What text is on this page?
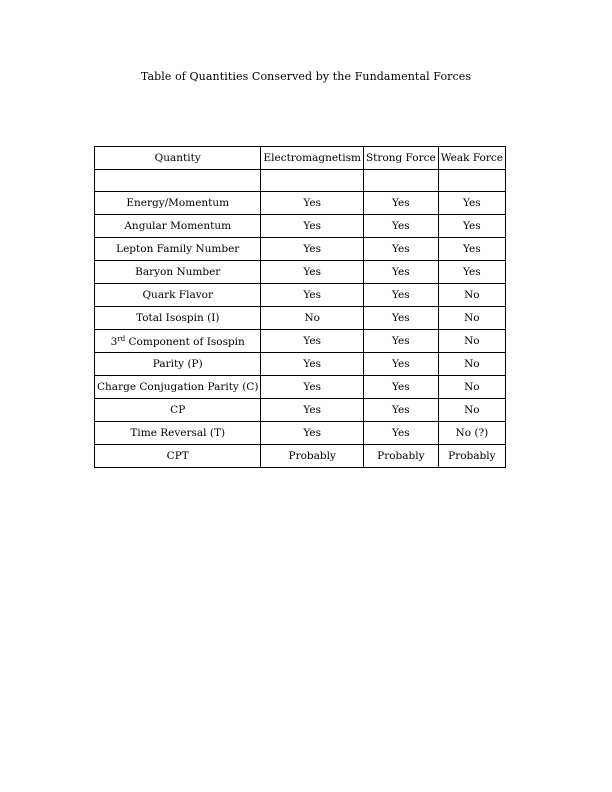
Table of Quantities Conserved by the Fundamental Forces
Quantity	Electromagnetism	Strong Force	Weak Force

Energy/Momentum	Yes	Yes	Yes
Angular Momentum	Yes	Yes	Yes
Lepton Family Number	Yes	Yes	Yes
Baryon Number	Yes	Yes	Yes
Quark Flavor	Yes	Yes	No
Total Isospin (I)	No	Yes	No
3rd Component of Isospin	Yes	Yes	No
Parity (P)	Yes	Yes	No
Charge Conjugation Parity (C)	Yes	Yes	No
CP	Yes	Yes	No
Time Reversal (T)	Yes	Yes	No (?)
CPT	Probably	Probably	Probably
